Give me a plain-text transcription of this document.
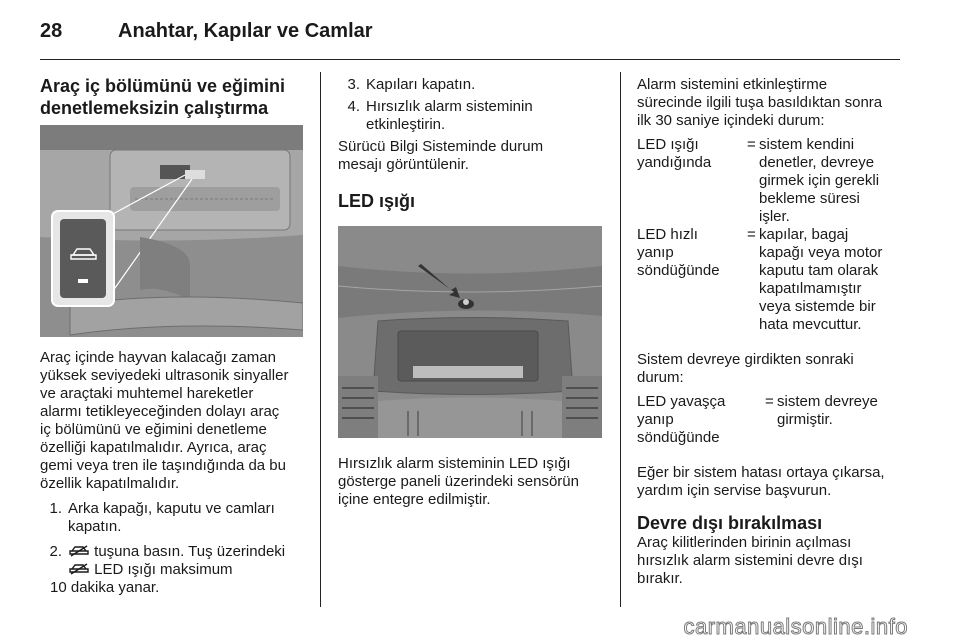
28	Anahtar, Kapılar ve Camlar
Araç iç bölümünü ve eğimini
denetlemeksizin çalıştırma
Araç içinde hayvan kalacağı zaman
yüksek seviyedeki ultrasonik sinyaller
ve araçtaki muhtemel hareketler
alarmı tetikleyeceğinden dolayı araç
iç bölümünü ve eğimini denetleme
özelliği kapatılmalıdır. Ayrıca, araç
gemi veya tren ile taşındığında da bu
özellik kapatılmalıdır.
1. Arka kapağı, kaputu ve camları
kapatın.
2.	tuşuna basın. Tuş üzerindeki
LED ışığı maksimum
10 dakika yanar.
3. Kapıları kapatın.
4. Hırsızlık alarm sisteminin
etkinleştirin.
Sürücü Bilgi Sisteminde durum
mesajı görüntülenir.
LED ışığı
Hırsızlık alarm sisteminin LED ışığı
gösterge paneli üzerindeki sensörün
içine entegre edilmiştir.
Alarm sistemini etkinleştirme
sürecinde ilgili tuşa basıldıktan sonra
ilk 30 saniye içindeki durum:
LED ışığı
yandığında
= sistem kendini
denetler, devreye
girmek için gerekli
bekleme süresi
işler.
LED hızlı
yanıp
söndüğünde
= kapılar, bagaj
kapağı veya motor
kaputu tam olarak
kapatılmamıştır
veya sistemde bir
hata mevcuttur.
Sistem devreye girdikten sonraki
durum:
LED yavaşça
yanıp
söndüğünde
= sistem devreye
girmiştir.
Eğer bir sistem hatası ortaya çıkarsa,
yardım için servise başvurun.
Devre dışı bırakılması
Araç kilitlerinden birinin açılması
hırsızlık alarm sistemini devre dışı
bırakır.
carmanualsonline.info
